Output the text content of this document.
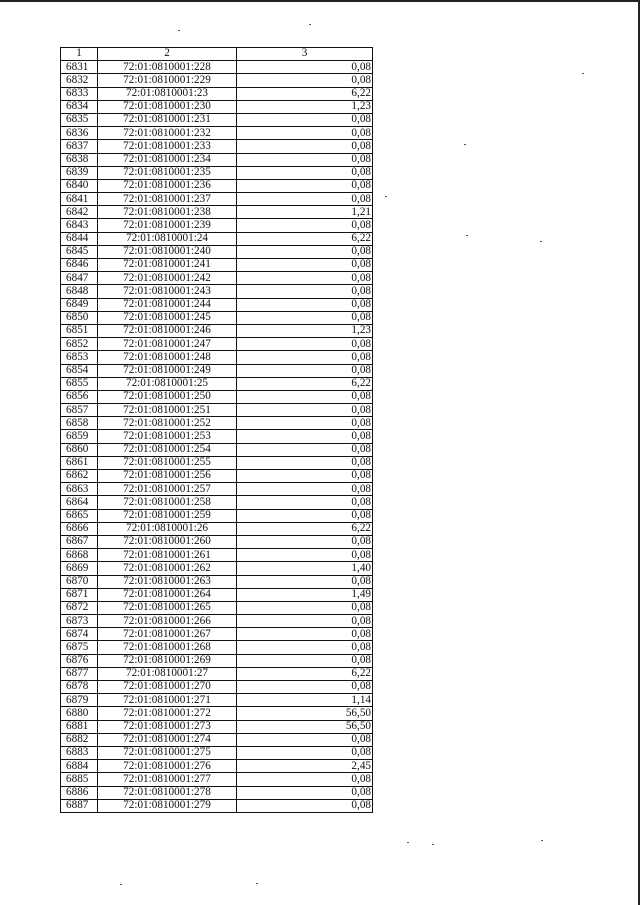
1	2	3
6831	72:01:0810001:228	0,08
6832	72:01:0810001:229	0,08
6833	72:01:0810001:23	6,22
6834	72:01:0810001:230	1,23
6835	72:01:0810001:231	0,08
6836	72:01:0810001:232	0,08
6837	72:01:0810001:233	0,08
6838	72:01:0810001:234	0,08
6839	72:01:0810001:235	0,08
6840	72:01:0810001:236	0,08
6841	72:01:0810001:237	0,08
6842	72:01:0810001:238	1,21
6843	72:01:0810001:239	0,08
6844	72:01:0810001:24	6,22
6845	72:01:0810001:240	0,08
6846	72:01:0810001:241	0,08
6847	72:01:0810001:242	0,08
6848	72:01:0810001:243	0,08
6849	72:01:0810001:244	0,08
6850	72:01:0810001:245	0,08
6851	72:01:0810001:246	1,23
6852	72:01:0810001:247	0,08
6853	72:01:0810001:248	0,08
6854	72:01:0810001:249	0,08
6855	72:01:0810001:25	6,22
6856	72:01:0810001:250	0,08
6857	72:01:0810001:251	0,08
6858	72:01:0810001:252	0,08
6859	72:01:0810001:253	0,08
6860	72:01:0810001:254	0,08
6861	72:01:0810001:255	0,08
6862	72:01:0810001:256	0,08
6863	72:01:0810001:257	0,08
6864	72:01:0810001:258	0,08
6865	72:01:0810001:259	0,08
6866	72:01:0810001:26	6,22
6867	72:01:0810001:260	0,08
6868	72:01:0810001:261	0,08
6869	72:01:0810001:262	1,40
6870	72:01:0810001:263	0,08
6871	72:01:0810001:264	1,49
6872	72:01:0810001:265	0,08
6873	72:01:0810001:266	0,08
6874	72:01:0810001:267	0,08
6875	72:01:0810001:268	0,08
6876	72:01:0810001:269	0,08
6877	72:01:0810001:27	6,22
6878	72:01:0810001:270	0,08
6879	72:01:0810001:271	1,14
6880	72:01:0810001:272	56,50
6881	72:01:0810001:273	56,50
6882	72:01:0810001:274	0,08
6883	72:01:0810001:275	0,08
6884	72:01:0810001:276	2,45
6885	72:01:0810001:277	0,08
6886	72:01:0810001:278	0,08
6887	72:01:0810001:279	0,08
